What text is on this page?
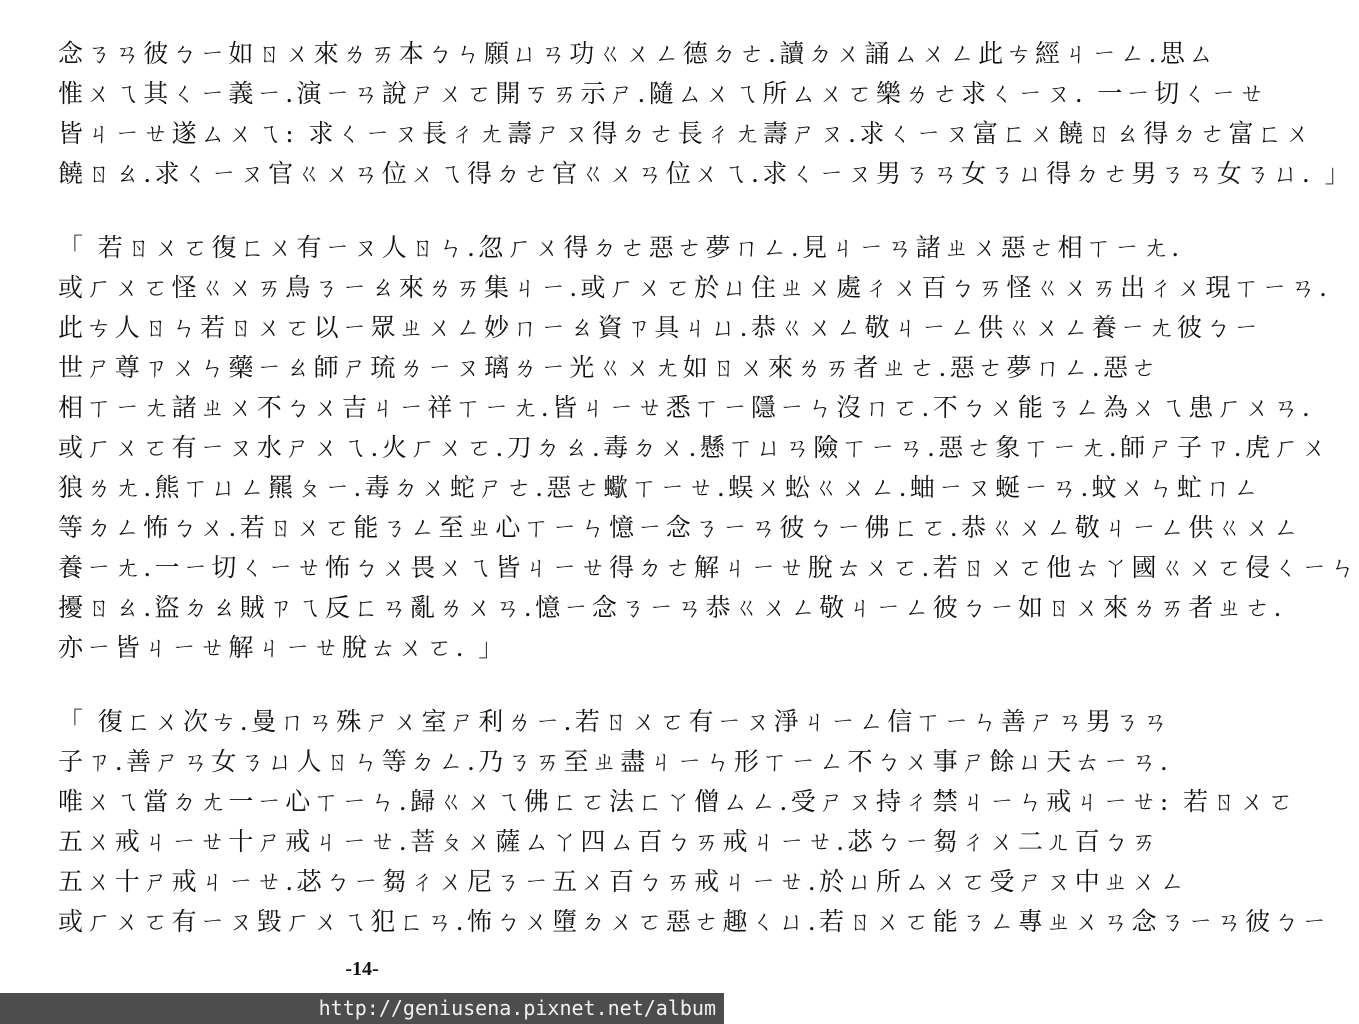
念ㄋㄢ彼ㄅㄧ如ㄖㄨ來ㄌㄞ本ㄅㄣ願ㄩㄢ功ㄍㄨㄥ德ㄉㄜ.讀ㄉㄨ誦ㄙㄨㄥ此ㄘ經ㄐㄧㄥ.思ㄙ
惟ㄨㄟ其ㄑㄧ義ㄧ.演ㄧㄢ說ㄕㄨㄛ開ㄎㄞ示ㄕ.隨ㄙㄨㄟ所ㄙㄨㄛ樂ㄌㄜ求ㄑㄧㄡ. 一ㄧ切ㄑㄧㄝ
皆ㄐㄧㄝ遂ㄙㄨㄟ: 求ㄑㄧㄡ長ㄔㄤ壽ㄕㄡ得ㄉㄜ長ㄔㄤ壽ㄕㄡ.求ㄑㄧㄡ富ㄈㄨ饒ㄖㄠ得ㄉㄜ富ㄈㄨ
饒ㄖㄠ.求ㄑㄧㄡ官ㄍㄨㄢ位ㄨㄟ得ㄉㄜ官ㄍㄨㄢ位ㄨㄟ.求ㄑㄧㄡ男ㄋㄢ女ㄋㄩ得ㄉㄜ男ㄋㄢ女ㄋㄩ. 」
「 若ㄖㄨㄛ復ㄈㄨ有ㄧㄡ人ㄖㄣ.忽ㄏㄨ得ㄉㄜ惡ㄜ夢ㄇㄥ.見ㄐㄧㄢ諸ㄓㄨ惡ㄜ相ㄒㄧㄤ.
或ㄏㄨㄛ怪ㄍㄨㄞ鳥ㄋㄧㄠ來ㄌㄞ集ㄐㄧ.或ㄏㄨㄛ於ㄩ住ㄓㄨ處ㄔㄨ百ㄅㄞ怪ㄍㄨㄞ出ㄔㄨ現ㄒㄧㄢ.
此ㄘ人ㄖㄣ若ㄖㄨㄛ以ㄧ眾ㄓㄨㄥ妙ㄇㄧㄠ資ㄗ具ㄐㄩ.恭ㄍㄨㄥ敬ㄐㄧㄥ供ㄍㄨㄥ養ㄧㄤ彼ㄅㄧ
世ㄕ尊ㄗㄨㄣ藥ㄧㄠ師ㄕ琉ㄌㄧㄡ璃ㄌㄧ光ㄍㄨㄤ如ㄖㄨ來ㄌㄞ者ㄓㄜ.惡ㄜ夢ㄇㄥ.惡ㄜ
相ㄒㄧㄤ諸ㄓㄨ不ㄅㄨ吉ㄐㄧ祥ㄒㄧㄤ.皆ㄐㄧㄝ悉ㄒㄧ隱ㄧㄣ沒ㄇㄛ.不ㄅㄨ能ㄋㄥ為ㄨㄟ患ㄏㄨㄢ.
或ㄏㄨㄛ有ㄧㄡ水ㄕㄨㄟ.火ㄏㄨㄛ.刀ㄉㄠ.毒ㄉㄨ.懸ㄒㄩㄢ險ㄒㄧㄢ.惡ㄜ象ㄒㄧㄤ.師ㄕ子ㄗ.虎ㄏㄨ
狼ㄌㄤ.熊ㄒㄩㄥ羆ㄆㄧ.毒ㄉㄨ蛇ㄕㄜ.惡ㄜ蠍ㄒㄧㄝ.蜈ㄨ蚣ㄍㄨㄥ.蚰ㄧㄡ蜒ㄧㄢ.蚊ㄨㄣ虻ㄇㄥ
等ㄉㄥ怖ㄅㄨ.若ㄖㄨㄛ能ㄋㄥ至ㄓ心ㄒㄧㄣ憶ㄧ念ㄋㄧㄢ彼ㄅㄧ佛ㄈㄛ.恭ㄍㄨㄥ敬ㄐㄧㄥ供ㄍㄨㄥ
養ㄧㄤ.一ㄧ切ㄑㄧㄝ怖ㄅㄨ畏ㄨㄟ皆ㄐㄧㄝ得ㄉㄜ解ㄐㄧㄝ脫ㄊㄨㄛ.若ㄖㄨㄛ他ㄊㄚ國ㄍㄨㄛ侵ㄑㄧㄣ
擾ㄖㄠ.盜ㄉㄠ賊ㄗㄟ反ㄈㄢ亂ㄌㄨㄢ.憶ㄧ念ㄋㄧㄢ恭ㄍㄨㄥ敬ㄐㄧㄥ彼ㄅㄧ如ㄖㄨ來ㄌㄞ者ㄓㄜ.
亦ㄧ皆ㄐㄧㄝ解ㄐㄧㄝ脫ㄊㄨㄛ. 」
「 復ㄈㄨ次ㄘ.曼ㄇㄢ殊ㄕㄨ室ㄕ利ㄌㄧ.若ㄖㄨㄛ有ㄧㄡ淨ㄐㄧㄥ信ㄒㄧㄣ善ㄕㄢ男ㄋㄢ
子ㄗ.善ㄕㄢ女ㄋㄩ人ㄖㄣ等ㄉㄥ.乃ㄋㄞ至ㄓ盡ㄐㄧㄣ形ㄒㄧㄥ不ㄅㄨ事ㄕ餘ㄩ天ㄊㄧㄢ.
唯ㄨㄟ當ㄉㄤ一ㄧ心ㄒㄧㄣ.歸ㄍㄨㄟ佛ㄈㄛ法ㄈㄚ僧ㄙㄥ.受ㄕㄡ持ㄔ禁ㄐㄧㄣ戒ㄐㄧㄝ: 若ㄖㄨㄛ
五ㄨ戒ㄐㄧㄝ十ㄕ戒ㄐㄧㄝ.菩ㄆㄨ薩ㄙㄚ四ㄙ百ㄅㄞ戒ㄐㄧㄝ.苾ㄅㄧ芻ㄔㄨ二ㄦ百ㄅㄞ
五ㄨ十ㄕ戒ㄐㄧㄝ.苾ㄅㄧ芻ㄔㄨ尼ㄋㄧ五ㄨ百ㄅㄞ戒ㄐㄧㄝ.於ㄩ所ㄙㄨㄛ受ㄕㄡ中ㄓㄨㄥ
或ㄏㄨㄛ有ㄧㄡ毀ㄏㄨㄟ犯ㄈㄢ.怖ㄅㄨ墮ㄉㄨㄛ惡ㄜ趣ㄑㄩ.若ㄖㄨㄛ能ㄋㄥ專ㄓㄨㄢ念ㄋㄧㄢ彼ㄅㄧ
-14-
http://geniusena.pixnet.net/album
